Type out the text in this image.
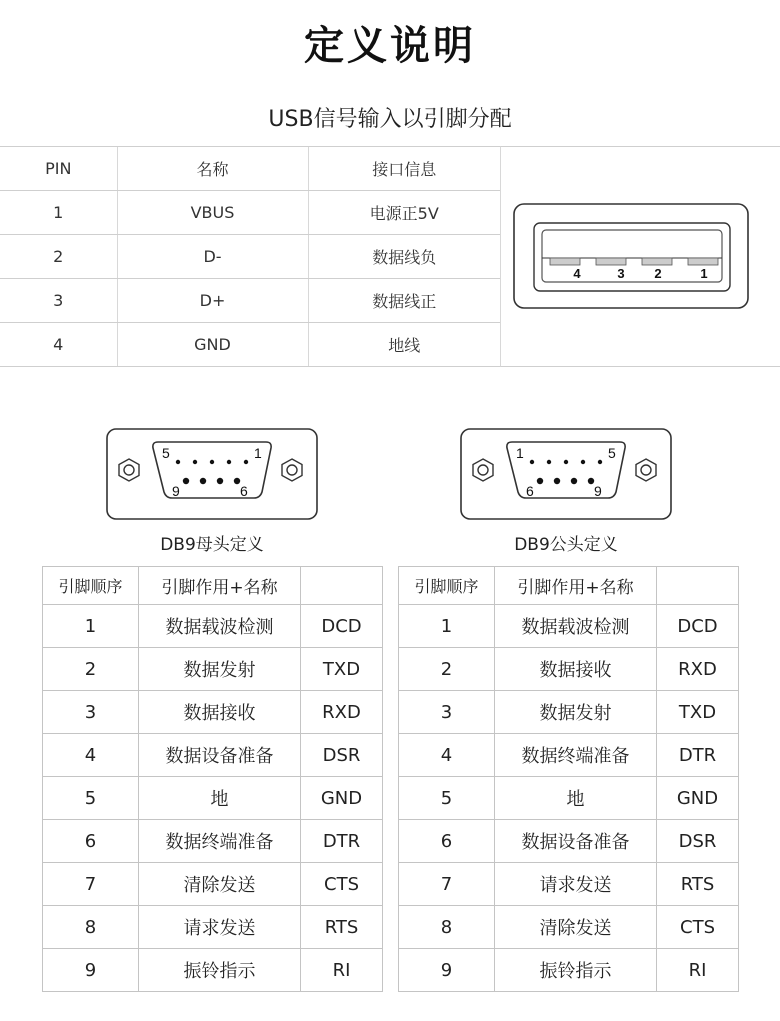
定义说明
USB信号输入以引脚分配
PIN	名称	接口信息
1	VBUS	电源正5V
2	D-	数据线负
3	D+	数据线正
4	GND	地线
4	3 2	1
5	1
9	6
DB9母头定义
1	5
6	9
DB9公头定义
引脚顺序	引脚作用+名称	
1	数据载波检测	DCD
2	数据发射	TXD
3	数据接收	RXD
4	数据设备准备	DSR
5	地	GND
6	数据终端准备	DTR
7	清除发送	CTS
8	请求发送	RTS
9	振铃指示	RI
引脚顺序	引脚作用+名称	
1	数据载波检测	DCD
2	数据接收	RXD
3	数据发射	TXD
4	数据终端准备	DTR
5	地	GND
6	数据设备准备	DSR
7	请求发送	RTS
8	清除发送	CTS
9	振铃指示	RI
